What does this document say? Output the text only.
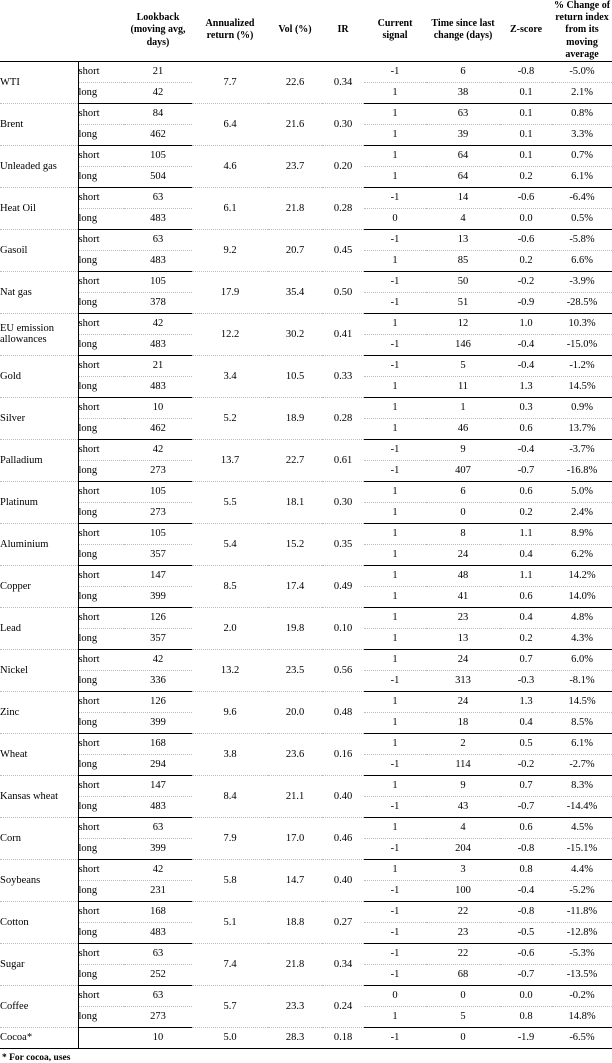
		Lookback (moving avg, days)	Annualized return (%)	Vol (%)	IR	Current signal	Time since last change (days)	Z-score	% Change of return index from its moving average
WTI	short	21	7.7	22.6	0.34	-1	6	-0.8	-5.0%
	long	42				1	38	0.1	2.1%
Brent	short	84	6.4	21.6	0.30	1	63	0.1	0.8%
	long	462				1	39	0.1	3.3%
Unleaded gas	short	105	4.6	23.7	0.20	1	64	0.1	0.7%
	long	504				1	64	0.2	6.1%
Heat Oil	short	63	6.1	21.8	0.28	-1	14	-0.6	-6.4%
	long	483				0	4	0.0	0.5%
Gasoil	short	63	9.2	20.7	0.45	-1	13	-0.6	-5.8%
	long	483				1	85	0.2	6.6%
Nat gas	short	105	17.9	35.4	0.50	-1	50	-0.2	-3.9%
	long	378				-1	51	-0.9	-28.5%
EU emission allowances	short	42	12.2	30.2	0.41	1	12	1.0	10.3%
	long	483				-1	146	-0.4	-15.0%
Gold	short	21	3.4	10.5	0.33	-1	5	-0.4	-1.2%
	long	483				1	11	1.3	14.5%
Silver	short	10	5.2	18.9	0.28	1	1	0.3	0.9%
	long	462				1	46	0.6	13.7%
Palladium	short	42	13.7	22.7	0.61	-1	9	-0.4	-3.7%
	long	273				-1	407	-0.7	-16.8%
Platinum	short	105	5.5	18.1	0.30	1	6	0.6	5.0%
	long	273				1	0	0.2	2.4%
Aluminium	short	105	5.4	15.2	0.35	1	8	1.1	8.9%
	long	357				1	24	0.4	6.2%
Copper	short	147	8.5	17.4	0.49	1	48	1.1	14.2%
	long	399				1	41	0.6	14.0%
Lead	short	126	2.0	19.8	0.10	1	23	0.4	4.8%
	long	357				1	13	0.2	4.3%
Nickel	short	42	13.2	23.5	0.56	1	24	0.7	6.0%
	long	336				-1	313	-0.3	-8.1%
Zinc	short	126	9.6	20.0	0.48	1	24	1.3	14.5%
	long	399				1	18	0.4	8.5%
Wheat	short	168	3.8	23.6	0.16	1	2	0.5	6.1%
	long	294				-1	114	-0.2	-2.7%
Kansas wheat	short	147	8.4	21.1	0.40	1	9	0.7	8.3%
	long	483				-1	43	-0.7	-14.4%
Corn	short	63	7.9	17.0	0.46	1	4	0.6	4.5%
	long	399				-1	204	-0.8	-15.1%
Soybeans	short	42	5.8	14.7	0.40	1	3	0.8	4.4%
	long	231				-1	100	-0.4	-5.2%
Cotton	short	168	5.1	18.8	0.27	-1	22	-0.8	-11.8%
	long	483				-1	23	-0.5	-12.8%
Sugar	short	63	7.4	21.8	0.34	-1	22	-0.6	-5.3%
	long	252				-1	68	-0.7	-13.5%
Coffee	short	63	5.7	23.3	0.24	0	0	0.0	-0.2%
	long	273				1	5	0.8	14.8%
Cocoa*		10	5.0	28.3	0.18	-1	0	-1.9	-6.5%
* For cocoa, uses
